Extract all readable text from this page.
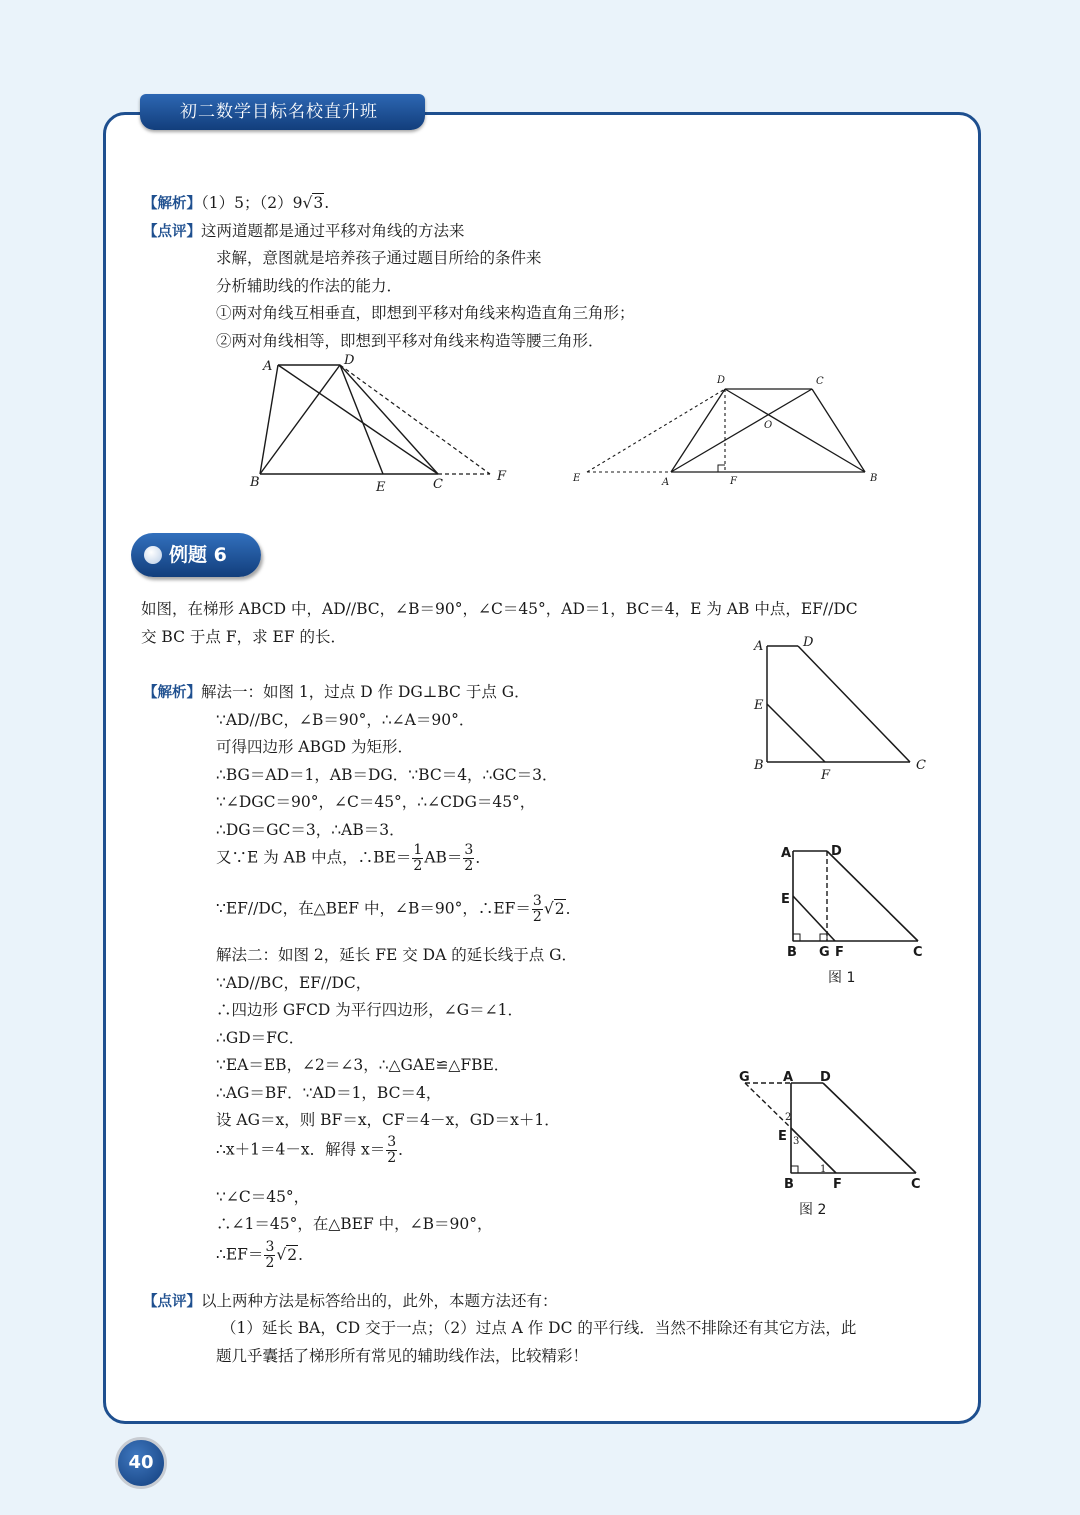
初二数学目标名校直升班
【解析】（1）5；（2）9√3.
【点评】这两道题都是通过平移对角线的方法来
求解，意图就是培养孩子通过题目所给的条件来
分析辅助线的作法的能力．
①两对角线互相垂直，即想到平移对角线来构造直角三角形；
②两对角线相等，即想到平移对角线来构造等腰三角形．
A	D
B	E	C
F
D	C
O
E	A	F	B
例题 6
如图，在梯形 ABCD 中，AD//BC，∠B＝90°，∠C＝45°，AD＝1，BC＝4，E 为 AB 中点，EF//DC
交 BC 于点 F，求 EF 的长．
A	D
E
B
F
C
【解析】解法一：如图 1，过点 D 作 DG⊥BC 于点 G．
∵AD//BC，∠B＝90°，∴∠A＝90°．
可得四边形 ABGD 为矩形．
∴BG＝AD＝1，AB＝DG．∵BC＝4，∴GC＝3．
∵∠DGC＝90°，∠C＝45°，∴∠CDG＝45°，
∴DG＝GC＝3，∴AB＝3．
又∵E 为 AB 中点，∴BE＝ $\frac{1}{2} AB= \frac{3}{2}$ ．
∵EF//DC，在△BEF 中，∠B＝90°，∴EF＝ $\frac{3}{2} √2$．
解法二：如图 2，延长 FE 交 DA 的延长线于点 G．
∵AD//BC，EF//DC，
∴四边形 GFCD 为平行四边形，∠G＝∠1．
∴GD＝FC．
∵EA＝EB，∠2＝∠3，∴△GAE≌△FBE．
∴AG＝BF．∵AD＝1，BC＝4，
设 AG＝x，则 BF＝x，CF＝4－x，GD＝x＋1．
∴x＋1＝4－x．解得 $x= \frac{3}{2}$ ．
∵∠C＝45°，
∴∠1＝45°，在△BEF 中，∠B＝90°，
∴EF＝ $\frac{3}{2} √2$．
A	D
E
B G F	C
图 1
G	A D
E
2
3
1
B	F	C
图 2
【点评】以上两种方法是标答给出的，此外，本题方法还有：
（1）延长 BA，CD 交于一点；（2）过点 A 作 DC 的平行线．当然不排除还有其它方法，此
题几乎囊括了梯形所有常见的辅助线作法，比较精彩！
40
